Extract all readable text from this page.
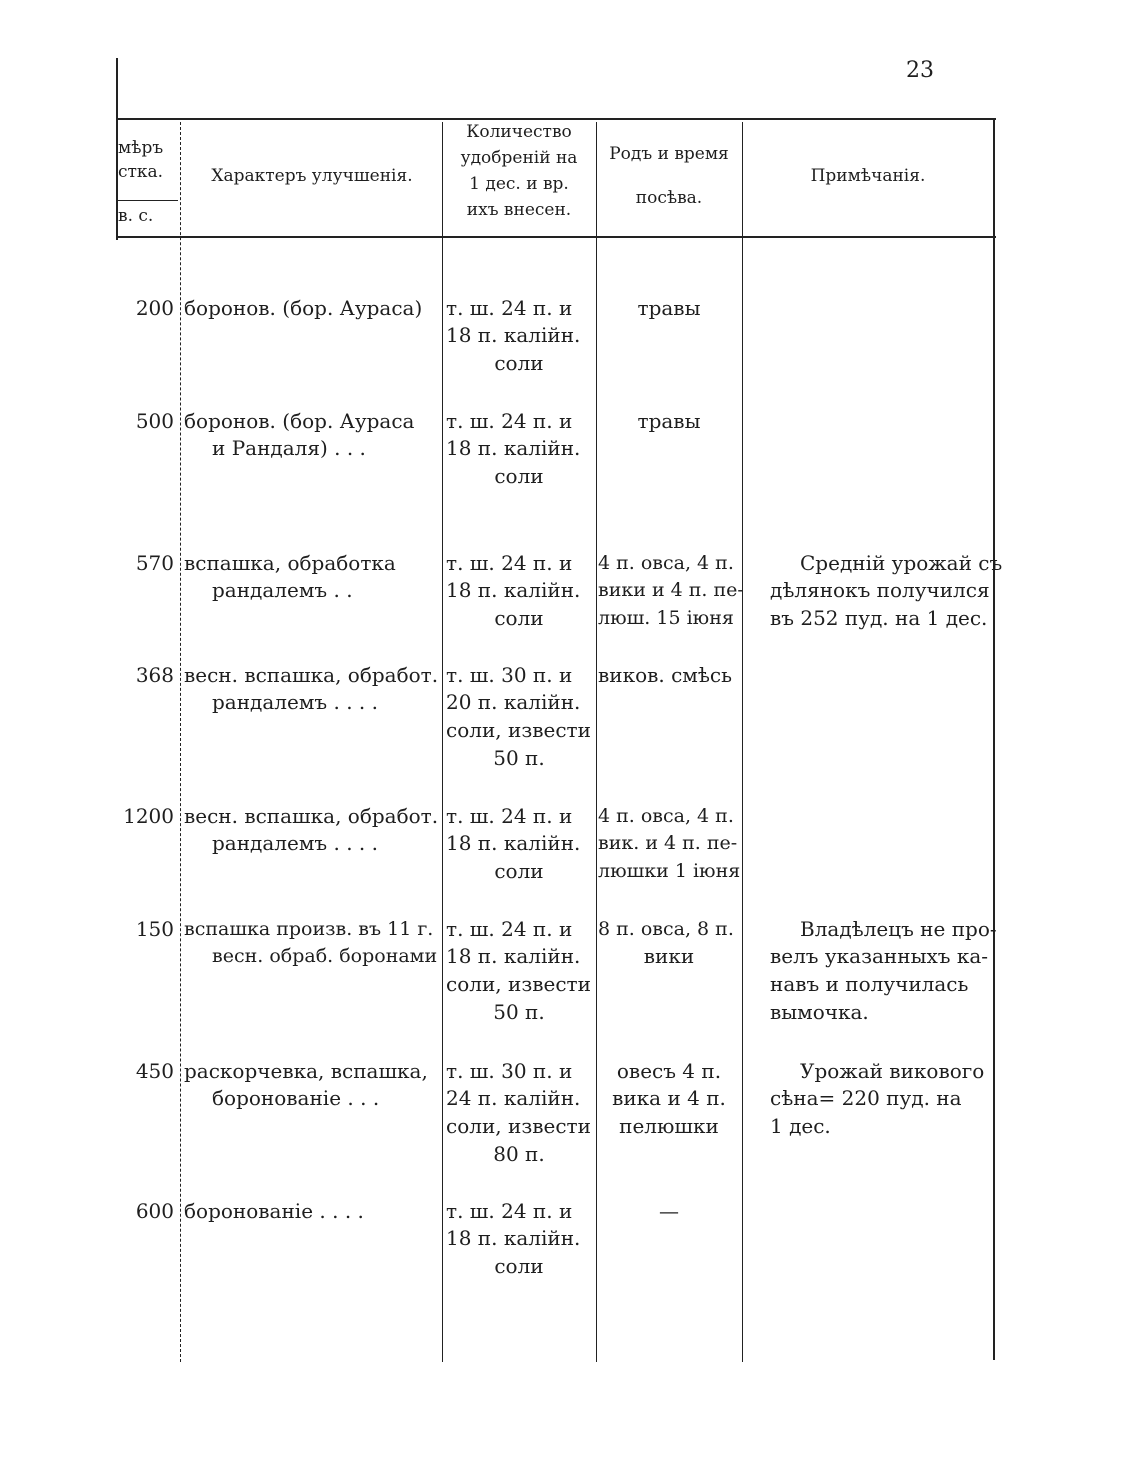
23
мѣръ
стка.
в. с.
Характеръ улучшенія.
Количество
удобреній на
1 дес. и вр.
ихъ внесен.
Родъ и время
посѣва.
Примѣчанія.
200 боронов. (бор. Ауpаса) т. ш. 24 п. и
18 п. калійн.
соли
травы
500 боронов. (бор. Аураса
и Рандаля) . . .
т. ш. 24 п. и
18 п. калійн.
соли
травы
570 вспашка, обработка
рандалемъ . .
т. ш. 24 п. и
18 п. калійн.
соли
4 п. овса, 4 п.
вики и 4 п. пе-
люш. 15 іюня
Средній урожай съ
дѣлянокъ получился
въ 252 пуд. на 1 дес.
368 весн. вспашка, обработ.
рандалемъ . . . .
т. ш. 30 п. и
20 п. калійн.
соли, извести
50 п.
виков. смѣсь
1200 весн. вспашка, обработ.
рандалемъ . . . .
т. ш. 24 п. и
18 п. калійн.
соли
4 п. овса, 4 п.
вик. и 4 п. пе-
люшки 1 іюня
150 вспашка произв. въ 11 г.
весн. обраб. боронами
т. ш. 24 п. и
18 п. калійн.
соли, извести
50 п.
8 п. овса, 8 п.
вики
Владѣлецъ не про-
велъ указанныхъ ка-
навъ и получилась
вымочка.
450 раскорчевка, вспашка,
боронованіе . . .
т. ш. 30 п. и
24 п. калійн.
соли, извести
80 п.
овесъ 4 п.
вика и 4 п.
пелюшки
Урожай викового
сѣна= 220 пуд. на
1 дес.
600 боронованіе . . . .	т. ш. 24 п. и
18 п. калійн.
соли
—
